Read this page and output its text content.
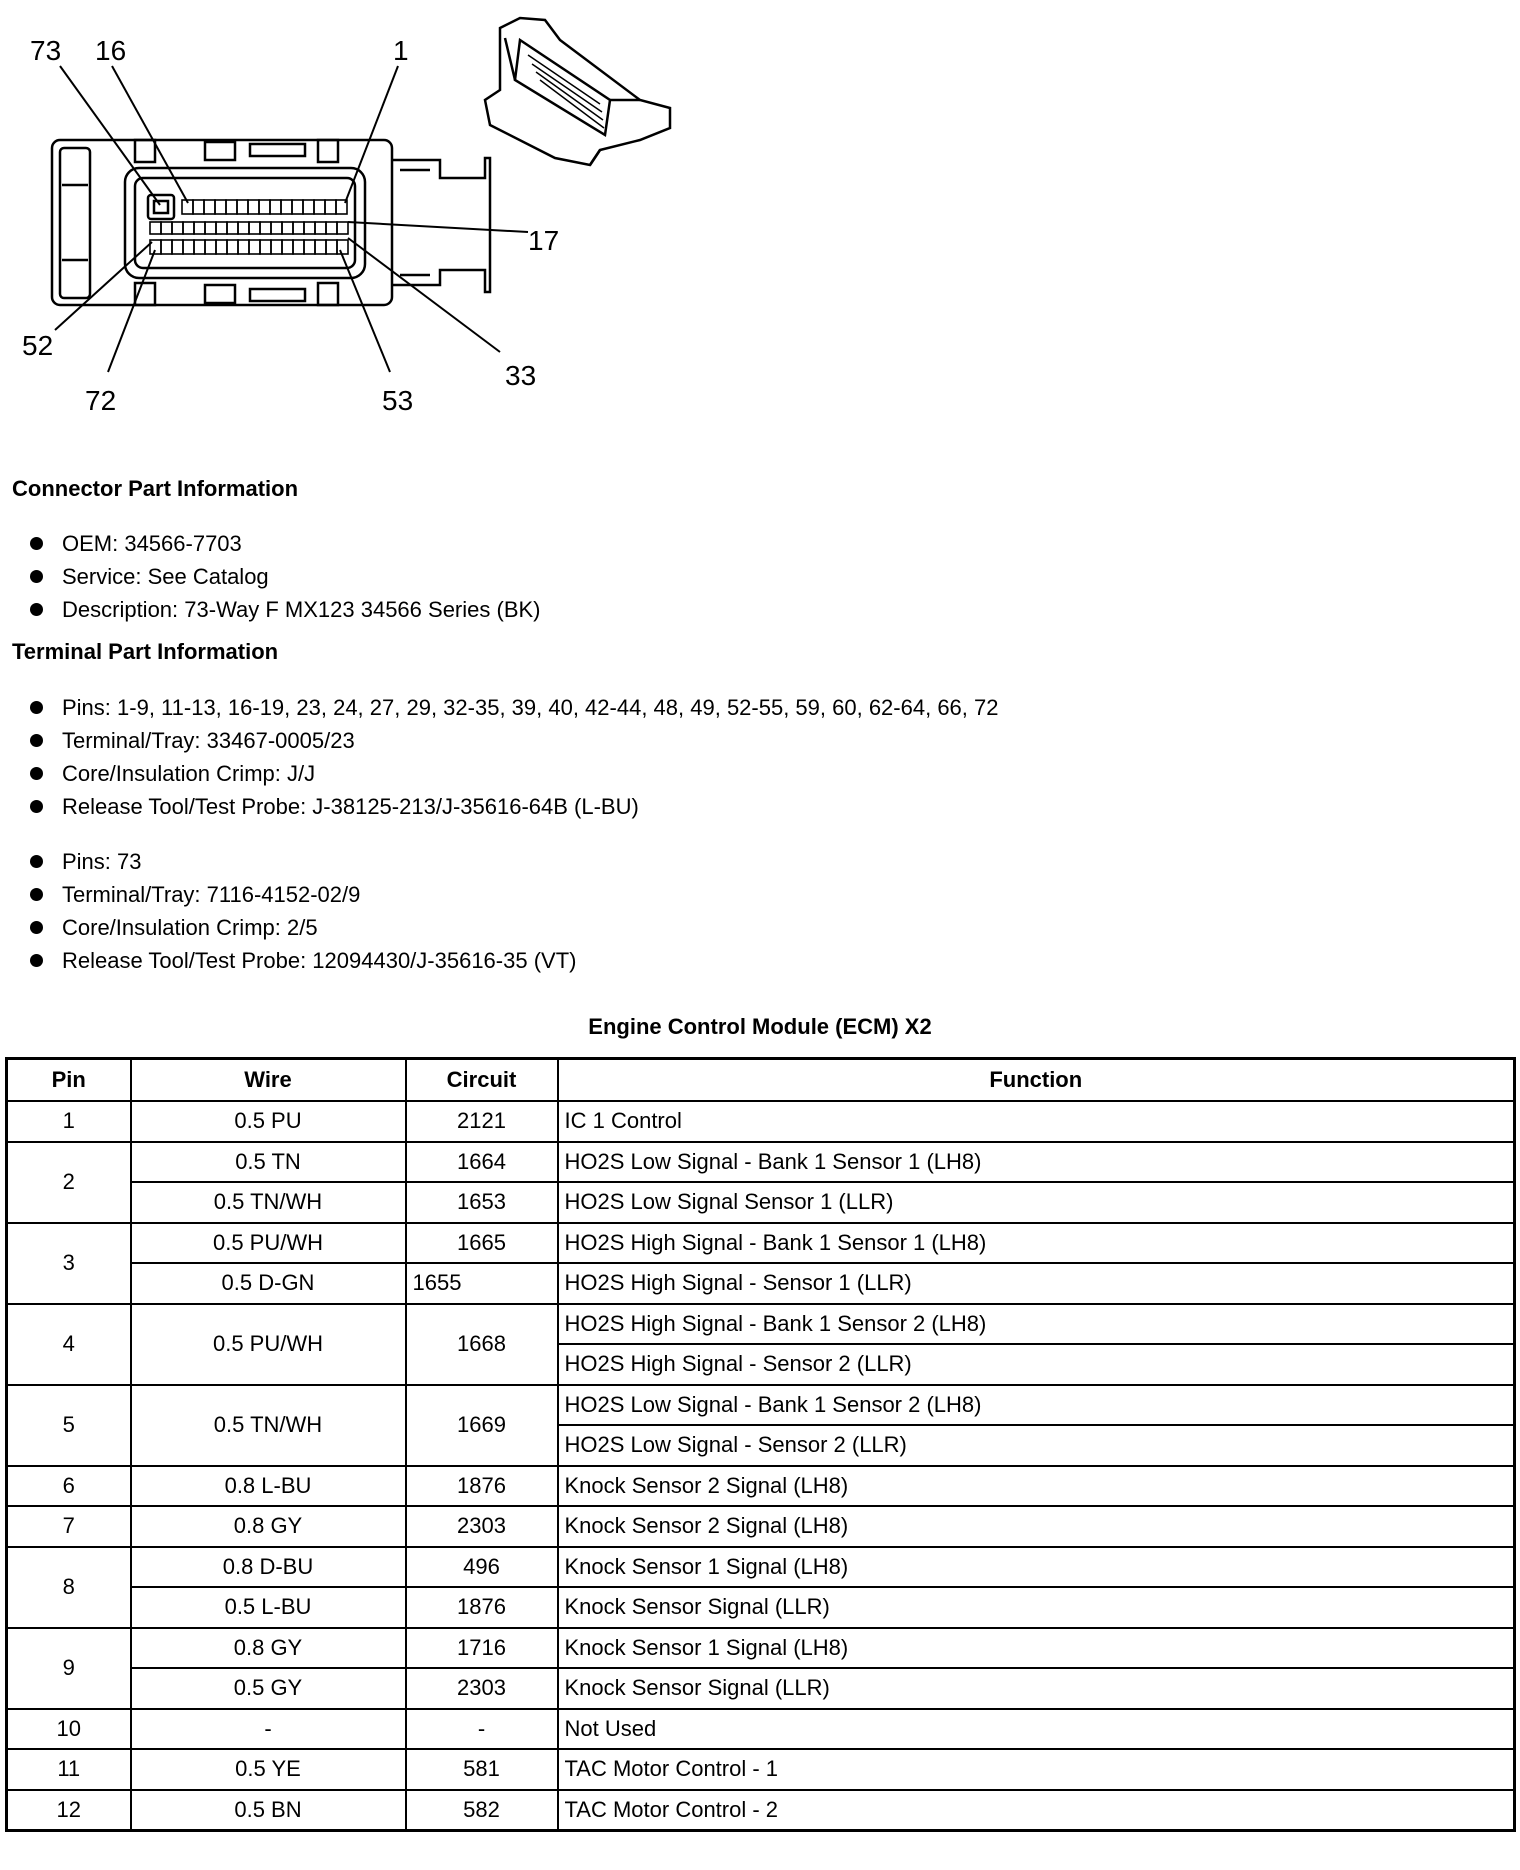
73 16	1
17
52
72	53
33
Connector Part Information
OEM: 34566-7703
Service: See Catalog
Description: 73-Way F MX123 34566 Series (BK)
Terminal Part Information
Pins: 1-9, 11-13, 16-19, 23, 24, 27, 29, 32-35, 39, 40, 42-44, 48, 49, 52-55, 59, 60, 62-64, 66, 72
Terminal/Tray: 33467-0005/23
Core/Insulation Crimp: J/J
Release Tool/Test Probe: J-38125-213/J-35616-64B (L-BU)
Pins: 73
Terminal/Tray: 7116-4152-02/9
Core/Insulation Crimp: 2/5
Release Tool/Test Probe: 12094430/J-35616-35 (VT)
Engine Control Module (ECM) X2
Pin	Wire	Circuit	Function
1	0.5 PU	2121	IC 1 Control
2	0.5 TN	1664	HO2S Low Signal - Bank 1 Sensor 1 (LH8)
	0.5 TN/WH	1653	HO2S Low Signal Sensor 1 (LLR)
3	0.5 PU/WH	1665	HO2S High Signal - Bank 1 Sensor 1 (LH8)
	0.5 D-GN	1655	HO2S High Signal - Sensor 1 (LLR)
4	0.5 PU/WH	1668	HO2S High Signal - Bank 1 Sensor 2 (LH8)
			HO2S High Signal - Sensor 2 (LLR)
5	0.5 TN/WH	1669	HO2S Low Signal - Bank 1 Sensor 2 (LH8)
			HO2S Low Signal - Sensor 2 (LLR)
6	0.8 L-BU	1876	Knock Sensor 2 Signal (LH8)
7	0.8 GY	2303	Knock Sensor 2 Signal (LH8)
8	0.8 D-BU	496	Knock Sensor 1 Signal (LH8)
	0.5 L-BU	1876	Knock Sensor Signal (LLR)
9	0.8 GY	1716	Knock Sensor 1 Signal (LH8)
	0.5 GY	2303	Knock Sensor Signal (LLR)
10	-	-	Not Used
11	0.5 YE	581	TAC Motor Control - 1
12	0.5 BN	582	TAC Motor Control - 2
